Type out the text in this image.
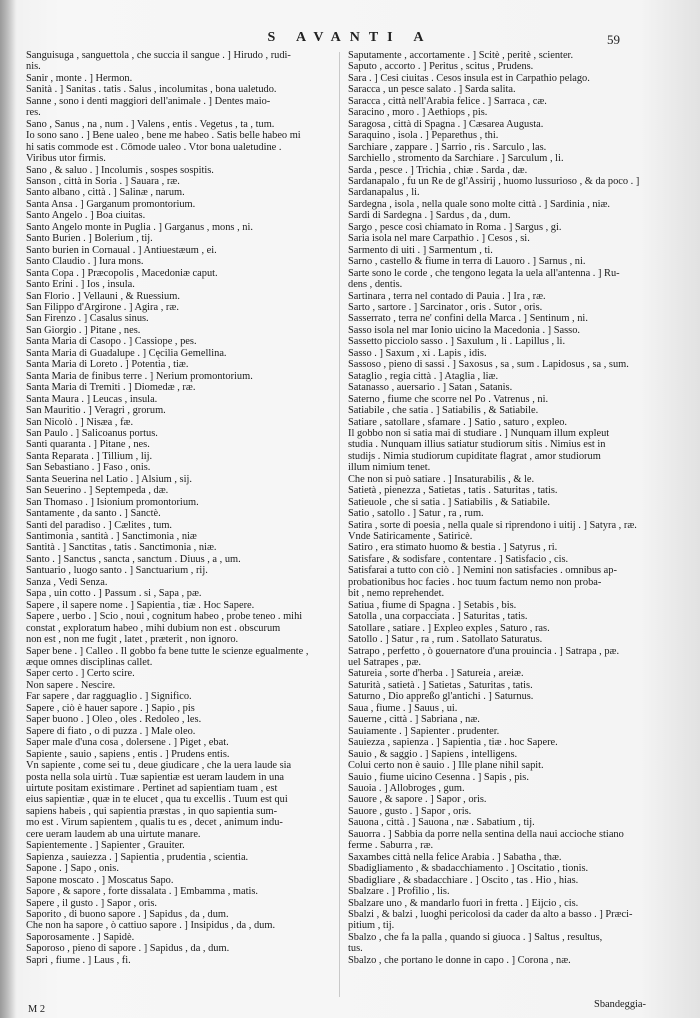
S AVANTI A	59
Sanguisuga , sanguettola , che succia il sangue . ] Hirudo , rudi-
nis.
Sanir , monte . ] Hermon.
Sanità . ] Sanitas . tatis . Salus , incolumitas , bona ualetudo.
Sanne , sono i denti maggiori dell'animale . ] Dentes maio-
res.
Sano , Sanus , na , num . ] Valens , entis . Vegetus , ta , tum.
Io sono sano . ] Bene ualeo , bene me habeo . Satis belle habeo mi
hi satis commode est . Cōmode ualeo . Vtor bona ualetudine .
Viribus utor firmis.
Sano , & saluo . ] Incolumis , sospes sospitis.
Sanson , città in Soria . ] Sauara , ræ.
Santo albano , città . ] Salinæ , narum.
Santa Ansa . ] Garganum promontorium.
Santo Angelo . ] Boa ciuitas.
Santo Angelo monte in Puglia . ] Garganus , mons , ni.
Santo Burien . ] Bolerium , tij.
Santo burien in Cornaual . ] Antiuestæum , ei.
Santo Claudio . ] Iura mons.
Santa Copa . ] Præcopolis , Macedoniæ caput.
Santo Erini . ] Ios , insula.
San Florio . ] Vellauni , & Ruessium.
San Filippo d'Argirone . ] Agira , ræ.
San Firenzo . ] Casalus sinus.
San Giorgio . ] Pitane , nes.
Santa Maria di Casopo . ] Cassiope , pes.
Santa Maria di Guadalupe . ] Cęcilia Gemellina.
Santa Maria di Loreto . ] Potentia , tiæ.
Santa Maria de finibus terre . ] Nerium promontorium.
Santa Maria di Tremiti . ] Diomedæ , ræ.
Santa Maura . ] Leucas , insula.
San Mauritio . ] Veragri , grorum.
San Nicolò . ] Nisæa , fæ.
San Paulo . ] Salicoanus portus.
Santi quaranta . ] Pitane , nes.
Santa Reparata . ] Tillium , lij.
San Sebastiano . ] Faso , onis.
Santa Seuerina nel Latio . ] Alsium , sij.
San Seuerino . ] Septempeda , dæ.
San Thomaso . ] Isionium promontorium.
Santamente , da santo . ] Sanctè.
Santi del paradiso . ] Cælites , tum.
Santimonia , santità . ] Sanctimonia , niæ
Santità . ] Sanctitas , tatis . Sanctimonia , niæ.
Santo . ] Sanctus , sancta , sanctum . Diuus , a , um.
Santuario , luogo santo . ] Sanctuarium , rij.
Sanza , Vedi Senza.
Sapa , uin cotto . ] Passum . si , Sapa , pæ.
Sapere , il sapere nome . ] Sapientia , tiæ . Hoc Sapere.
Sapere , uerbo . ] Scio , noui , cognitum habeo , probe teneo . mihi
constat , exploratum habeo , mihi dubium non est . obscurum
non est , non me fugit , latet , præterit , non ignoro.
Saper bene . ] Calleo . Il gobbo fa bene tutte le scienze egualmente ,
æque omnes disciplinas callet.
Saper certo . ] Certo scire.
Non sapere . Nescire.
Far sapere , dar ragguaglio . ] Significo.
Sapere , ciò è hauer sapore . ] Sapio , pis
Saper buono . ] Oleo , oles . Redoleo , les.
Sapere di fiato , o di puzza . ] Male oleo.
Saper male d'una cosa , dolersene . ] Piget , ebat.
Sapiente , sauio , sapiens , entis . ] Prudens entis.
Vn sapiente , come sei tu , deue giudicare , che la uera laude sia
posta nella sola uirtù . Tuæ sapientiæ est ueram laudem in una
uirtute positam existimare . Pertinet ad sapientiam tuam , est
eius sapientiæ , quæ in te elucet , qua tu excellis . Tuum est qui
sapiens habeis , qui sapientia præstas , in quo sapientia sum-
mo est . Virum sapientem , qualis tu es , decet , animum indu-
cere ueram laudem ab una uirtute manare.
Sapientemente . ] Sapienter , Grauiter.
Sapienza , sauiezza . ] Sapientia , prudentia , scientia.
Sapone . ] Sapo , onis.
Sapone moscato . ] Moscatus Sapo.
Sapore , & sapore , forte dissalata . ] Embamma , matis.
Sapere , il gusto . ] Sapor , oris.
Saporito , di buono sapore . ] Sapidus , da , dum.
Che non ha sapore , ò cattiuo sapore . ] Insipidus , da , dum.
Saporosamente . ] Sapidè.
Saporoso , pieno di sapore . ] Sapidus , da , dum.
Sapri , fiume . ] Laus , fi.
Saputamente , accortamente . ] Scitè , peritè , scienter.
Saputo , accorto . ] Peritus , scitus , Prudens.
Sara . ] Cesi ciuitas . Cesos insula est in Carpathio pelago.
Saracca , un pesce salato . ] Sarda salita.
Saracca , città nell'Arabia felice . ] Sarraca , cæ.
Saracino , moro . ] Aethiops , pis.
Saragosa , città di Spagna . ] Cæsarea Augusta.
Saraquino , isola . ] Peparethus , thi.
Sarchiare , zappare . ] Sarrio , ris . Sarculo , las.
Sarchiello , stromento da Sarchiare . ] Sarculum , li.
Sarda , pesce . ] Trichia , chiæ . Sarda , dæ.
Sardanapalo , fu un Re de gl'Assirij , huomo lussurioso , & da poco . ]
Sardanapalus , li.
Sardegna , isola , nella quale sono molte città . ] Sardinia , niæ.
Sardi di Sardegna . ] Sardus , da , dum.
Sargo , pesce così chiamato in Roma . ] Sargus , gi.
Saria isola nel mare Carpathio . ] Cesos , si.
Sarmento di uiti . ] Sarmentum , ti.
Sarno , castello & fiume in terra di Lauoro . ] Sarnus , ni.
Sarte sono le corde , che tengono legata la uela all'antenna . ] Ru-
dens , dentis.
Sartinara , terra nel contado di Pauia . ] Ira , ræ.
Sarto , sartore . ] Sarcinator , oris . Sutor , oris.
Sasserrato , terra ne' confini della Marca . ] Sentinum , ni.
Sasso isola nel mar Ionio uicino la Macedonia . ] Sasso.
Sassetto picciolo sasso . ] Saxulum , li . Lapillus , li.
Sasso . ] Saxum , xi . Lapis , idis.
Sassoso , pieno di sassi . ] Saxosus , sa , sum . Lapidosus , sa , sum.
Sataglio , regia città . ] Ataglia , liæ.
Satanasso , auersario . ] Satan , Satanis.
Saterno , fiume che scorre nel Po . Vatrenus , ni.
Satiabile , che satia . ] Satiabilis , & Satiabile.
Satiare , satollare , sfamare . ] Satio , saturo , expleo.
Il gobbo non si satia mai di studiare . ] Nunquam illum expleut
studia . Nunquam illius satiatur studiorum sitis . Nimius est in
studijs . Nimia studiorum cupiditate flagrat , amor studiorum
illum nimium tenet.
Che non si può satiare . ] Insaturabilis , & le.
Satietà , pienezza , Satietas , tatis . Saturitas , tatis.
Satieuole , che si satia . ] Satiabilis , & Satiabile.
Satio , satollo . ] Satur , ra , rum.
Satira , sorte di poesia , nella quale si riprendono i uitij . ] Satyra , ræ.
Vnde Satiricamente , Satiricè.
Satiro , era stimato huomo & bestia . ] Satyrus , ri.
Satisfare , & sodisfare , contentare . ] Satisfacio , cis.
Satisfarai a tutto con ciò . ] Nemini non satisfacies . omnibus ap-
probationibus hoc facies . hoc tuum factum nemo non proba-
bit , nemo reprehendet.
Satiua , fiume di Spagna . ] Setabis , bis.
Satolla , una corpacciata . ] Saturitas , tatis.
Satollare , satiare . ] Expleo exples , Saturo , ras.
Satollo . ] Satur , ra , rum . Satollato Saturatus.
Satrapo , perfetto , ò gouernatore d'una prouincia . ] Satrapa , pæ.
uel Satrapes , pæ.
Satureia , sorte d'herba . ] Satureia , areiæ.
Saturità , satietà . ] Satietas , Saturitas , tatis.
Saturno , Dio appreßo gl'antichi . ] Saturnus.
Saua , fiume . ] Sauus , ui.
Sauerne , città . ] Sabriana , næ.
Sauiamente . ] Sapienter . prudenter.
Sauiezza , sapienza . ] Sapientia , tiæ . hoc Sapere.
Sauio , & saggio . ] Sapiens , intelligens.
Colui certo non è sauio . ] Ille plane nihil sapit.
Sauio , fiume uicino Cesenna . ] Sapis , pis.
Sauoia . ] Allobroges , gum.
Sauore , & sapore . ] Sapor , oris.
Sauore , gusto . ] Sapor , oris.
Sauona , città . ] Sauona , næ . Sabatium , tij.
Sauorra . ] Sabbia da porre nella sentina della naui accioche stiano
ferme . Saburra , ræ.
Saxambes città nella felice Arabia . ] Sabatha , thæ.
Sbadigliamento , & sbadacchiamento . ] Oscitatio , tionis.
Sbadigliare , & sbadacchiare . ] Oscito , tas . Hio , hias.
Sbalzare . ] Profilio , lis.
Sbalzare uno , & mandarlo fuori in fretta . ] Eijcio , cis.
Sbalzi , & balzi , luoghi pericolosi da cader da alto a basso . ] Præci-
pitium , tij.
Sbalzo , che fa la palla , quando si giuoca . ] Saltus , resultus,
tus.
Sbalzo , che portano le donne in capo . ] Corona , næ.
Sbandeggia-
M 2
